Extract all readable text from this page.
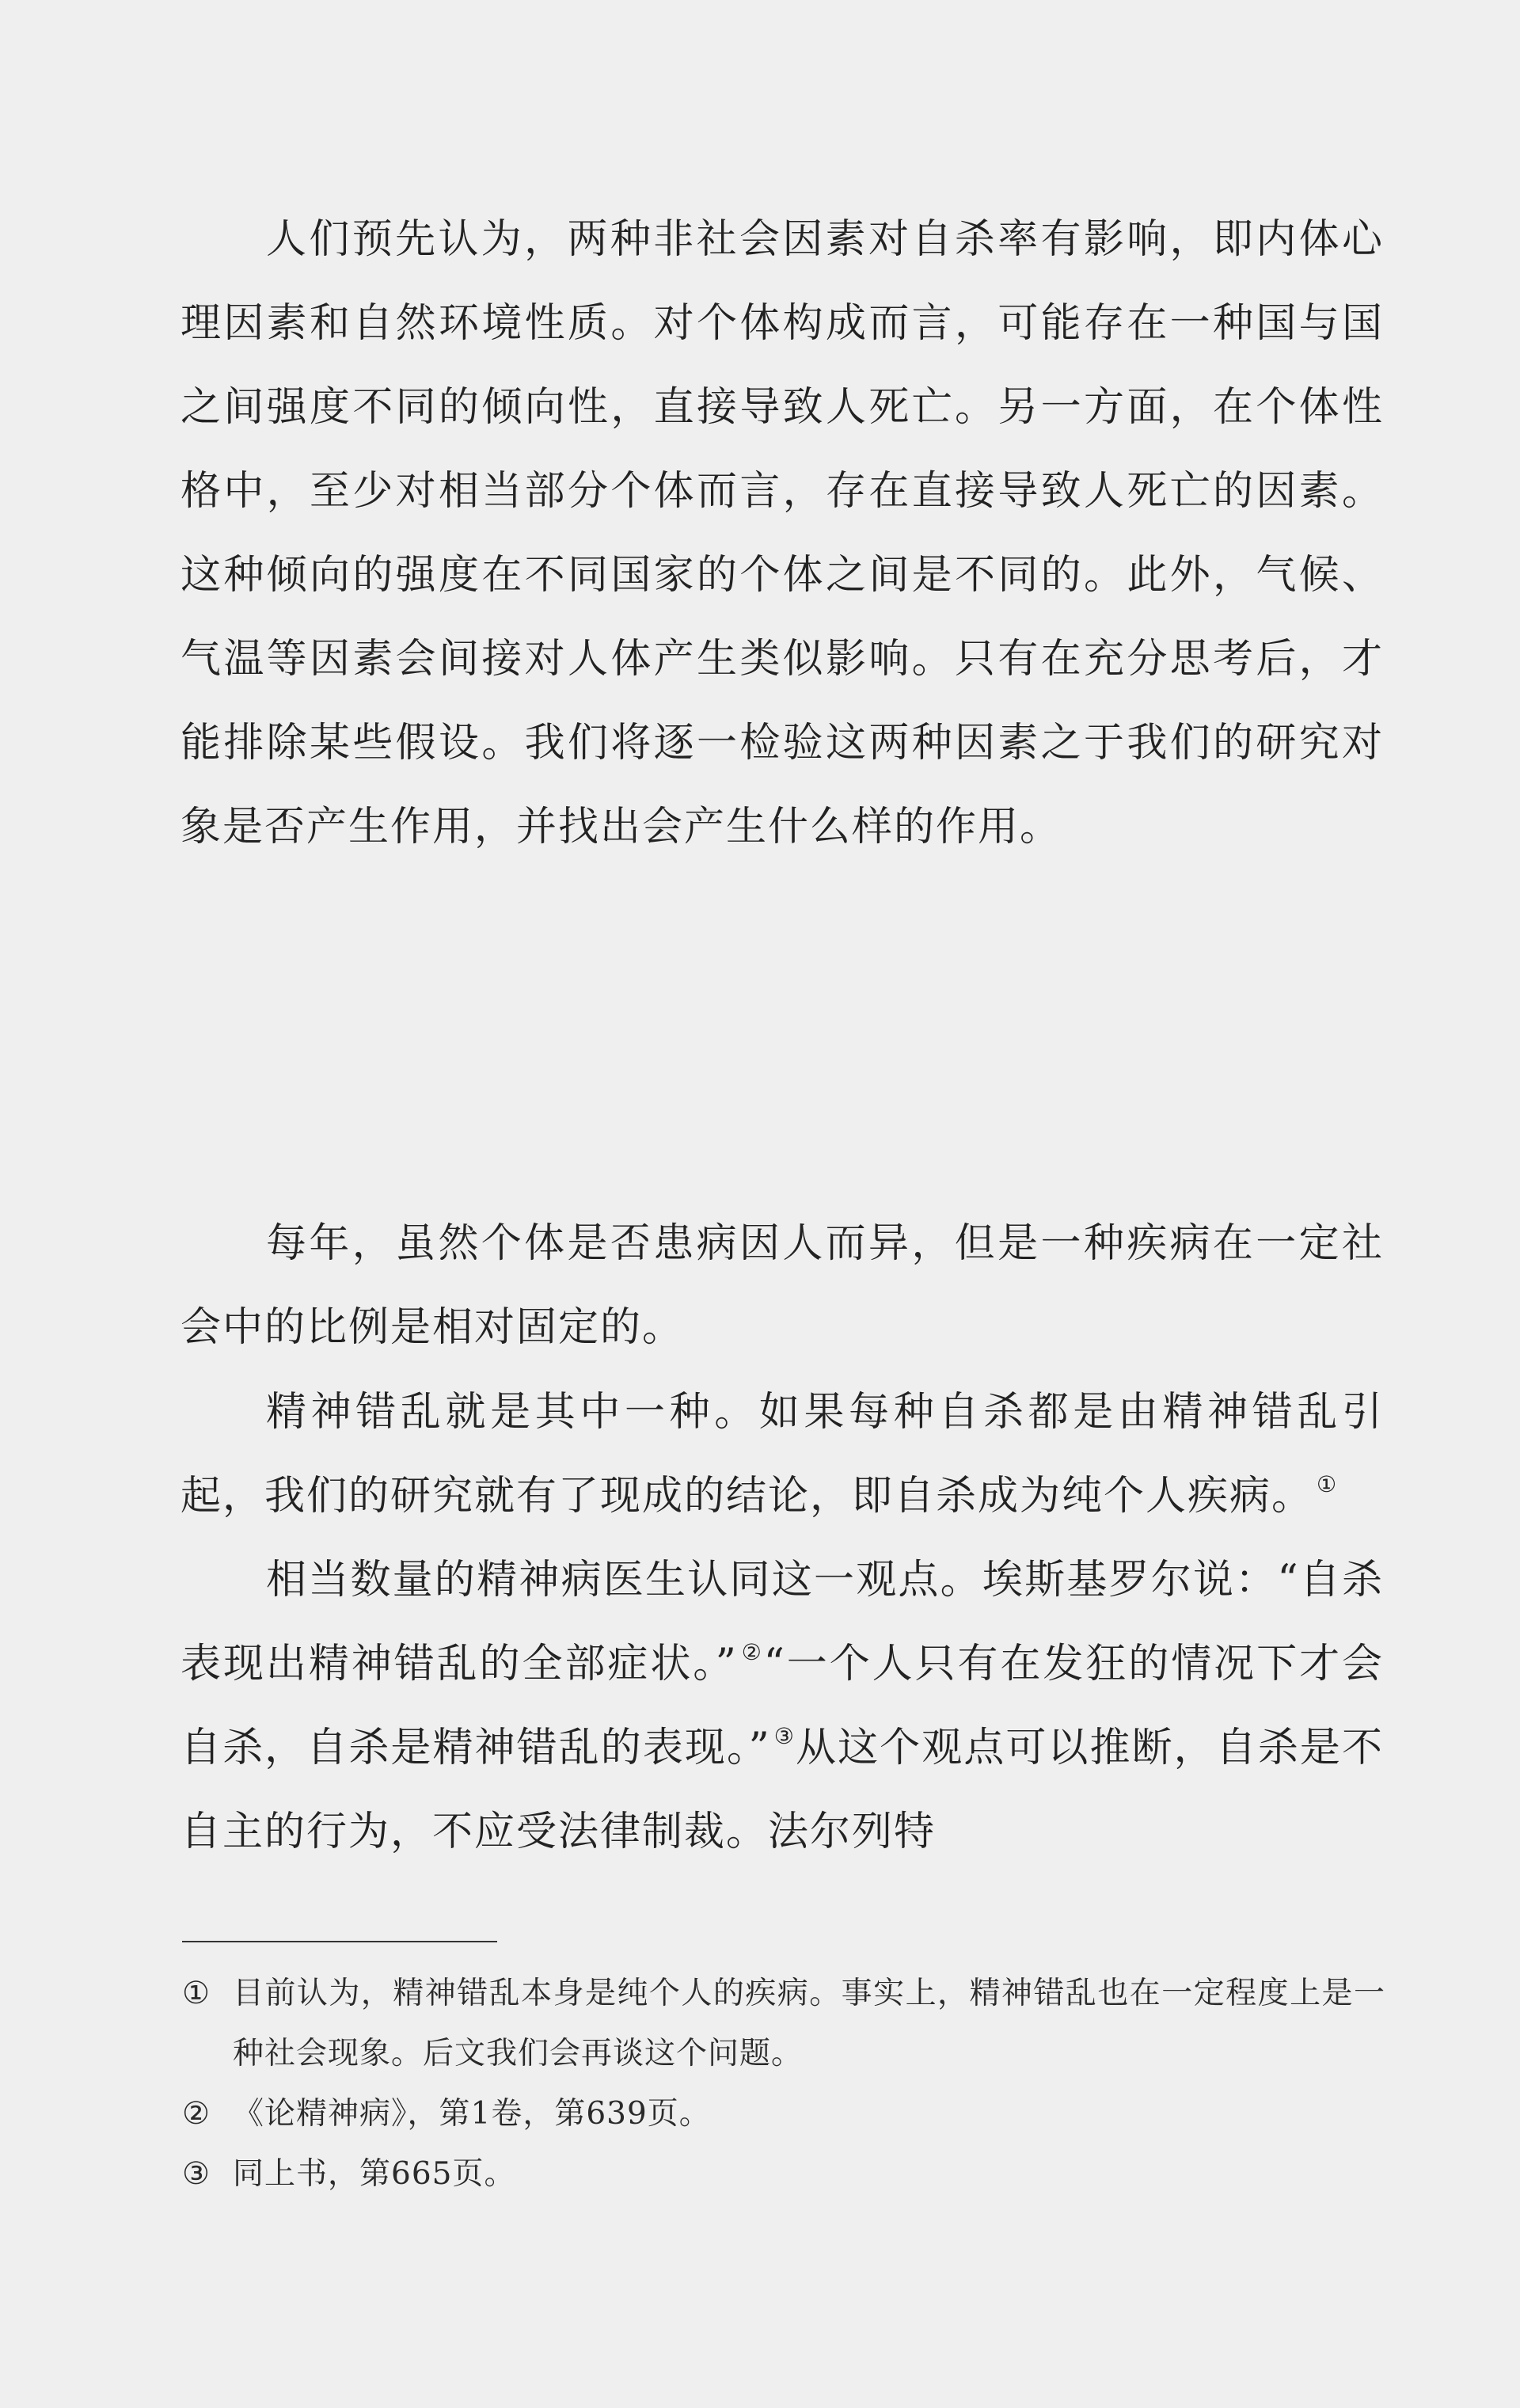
人们预先认为，两种非社会因素对自杀率有影响，即内体心理因素和自然环境性质。对个体构成而言，可能存在一种国与国之间强度不同的倾向性，直接导致人死亡。另一方面，在个体性格中，至少对相当部分个体而言，存在直接导致人死亡的因素。这种倾向的强度在不同国家的个体之间是不同的。此外，气候、气温等因素会间接对人体产生类似影响。只有在充分思考后，才能排除某些假设。我们将逐一检验这两种因素之于我们的研究对象是否产生作用，并找出会产生什么样的作用。

每年，虽然个体是否患病因人而异，但是一种疾病在一定社会中的比例是相对固定的。

精神错乱就是其中一种。如果每种自杀都是由精神错乱引起，我们的研究就有了现成的结论，即自杀成为纯个人疾病。 ①

相当数量的精神病医生认同这一观点。埃斯基罗尔说：“自杀表现出精神错乱的全部症状。” ②“一个人只有在发狂的情况下才会自杀，自杀是精神错乱的表现。” ③从这个观点可以推断，自杀是不自主的行为，不应受法律制裁。法尔列特

① 目前认为，精神错乱本身是纯个人的疾病。事实上，精神错乱也在一定程度上是一种社会现象。后文我们会再谈这个问题。
② 《论精神病》，第1卷，第639页。
③ 同上书，第665页。
